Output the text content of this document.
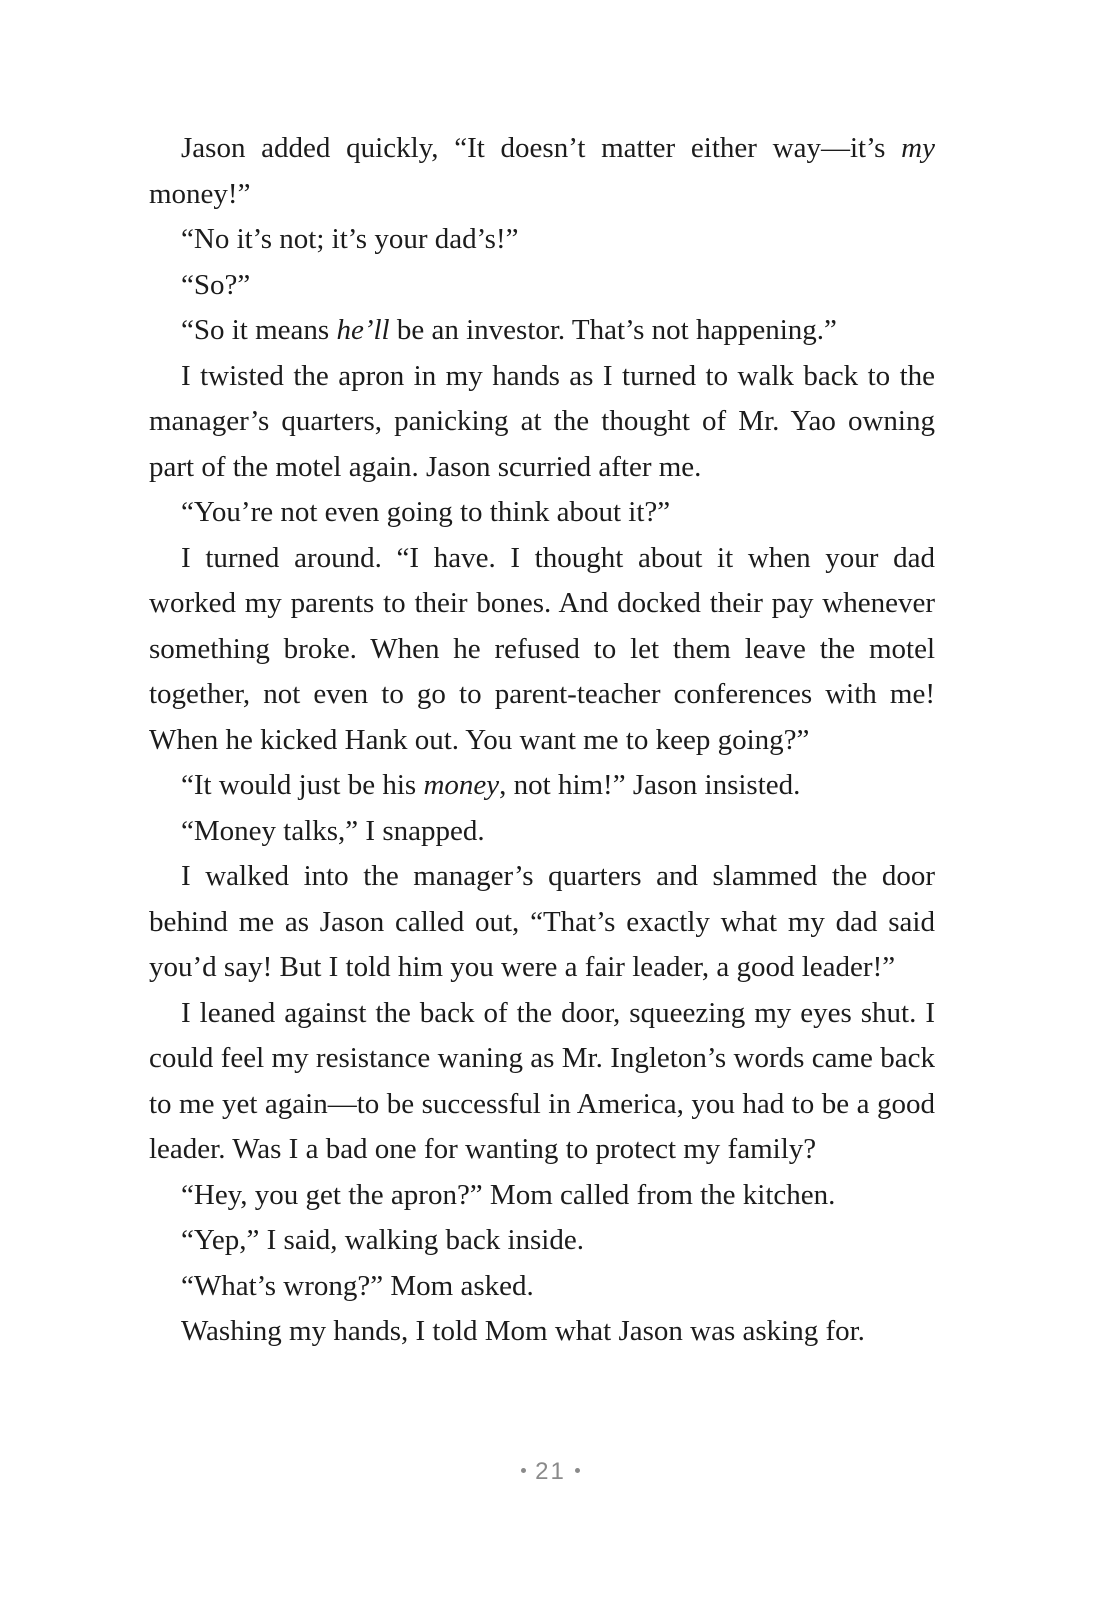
Jason added quickly, “It doesn’t matter either way—it’s my money!”

“No it’s not; it’s your dad’s!”

“So?”

“So it means he’ll be an investor. That’s not happening.”

I twisted the apron in my hands as I turned to walk back to the manager’s quarters, panicking at the thought of Mr. Yao owning part of the motel again. Jason scurried after me.

“You’re not even going to think about it?”

I turned around. “I have. I thought about it when your dad worked my parents to their bones. And docked their pay whenever something broke. When he refused to let them leave the motel together, not even to go to parent-teacher conferences with me! When he kicked Hank out. You want me to keep going?”

“It would just be his money, not him!” Jason insisted.

“Money talks,” I snapped.

I walked into the manager’s quarters and slammed the door behind me as Jason called out, “That’s exactly what my dad said you’d say! But I told him you were a fair leader, a good leader!”

I leaned against the back of the door, squeezing my eyes shut. I could feel my resistance waning as Mr. Ingleton’s words came back to me yet again—to be successful in America, you had to be a good leader. Was I a bad one for wanting to protect my family?

“Hey, you get the apron?” Mom called from the kitchen.

“Yep,” I said, walking back inside.

“What’s wrong?” Mom asked.

Washing my hands, I told Mom what Jason was asking for.

21
